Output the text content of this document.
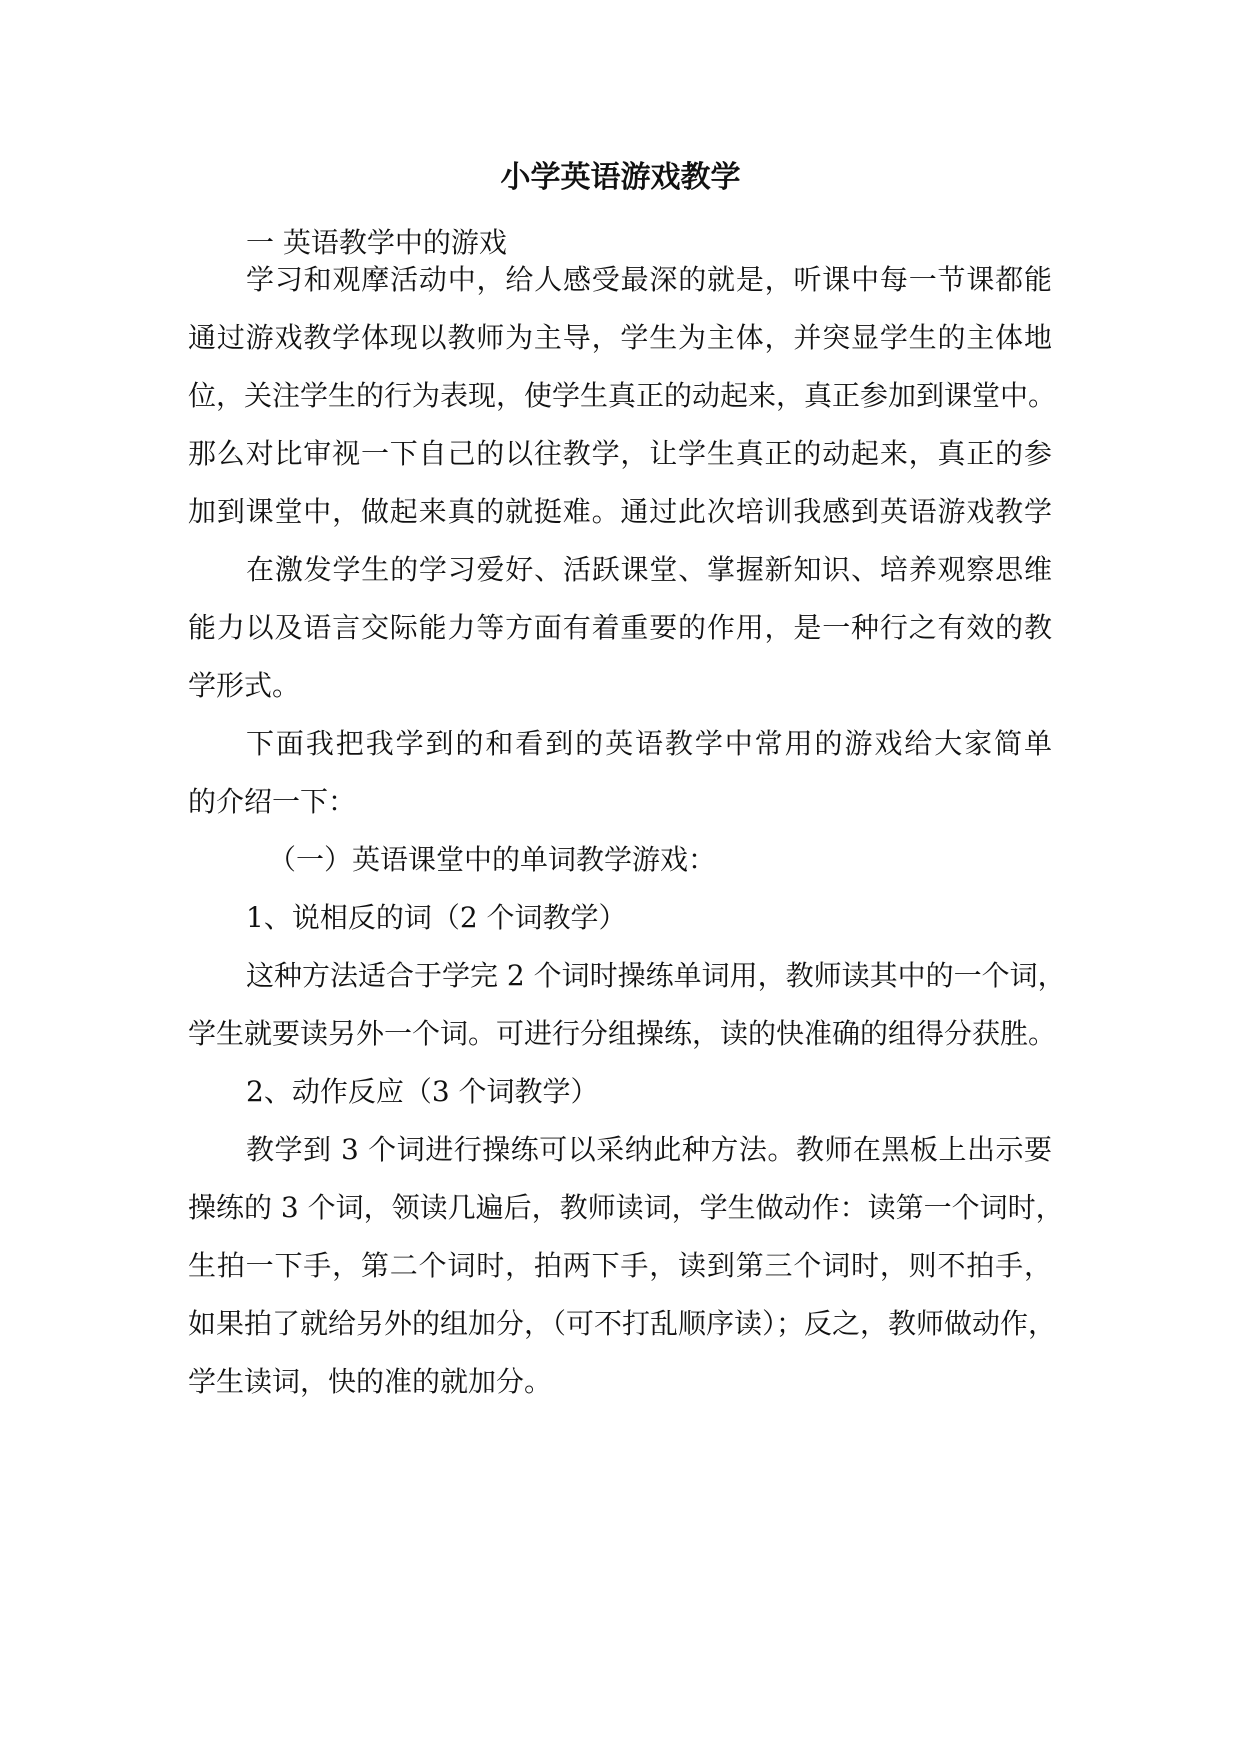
小学英语游戏教学
一 英语教学中的游戏
学习和观摩活动中，给人感受最深的就是，听课中每一节课都能
通过游戏教学体现以教师为主导，学生为主体，并突显学生的主体地
位，关注学生的行为表现，使学生真正的动起来，真正参加到课堂中。
那么对比审视一下自己的以往教学，让学生真正的动起来，真正的参
加到课堂中，做起来真的就挺难。通过此次培训我感到英语游戏教学
在激发学生的学习爱好、活跃课堂、掌握新知识、培养观察思维
能力以及语言交际能力等方面有着重要的作用，是一种行之有效的教
学形式。
下面我把我学到的和看到的英语教学中常用的游戏给大家简单
的介绍一下：
（一）英语课堂中的单词教学游戏：
1、说相反的词（2 个词教学）
这种方法适合于学完 2 个词时操练单词用，教师读其中的一个词，
学生就要读另外一个词。可进行分组操练，读的快准确的组得分获胜。
2、动作反应（3 个词教学）
教学到 3 个词进行操练可以采纳此种方法。教师在黑板上出示要
操练的 3 个词，领读几遍后，教师读词，学生做动作：读第一个词时，
生拍一下手，第二个词时，拍两下手，读到第三个词时，则不拍手，
如果拍了就给另外的组加分，（可不打乱顺序读）；反之，教师做动作，
学生读词，快的准的就加分。
